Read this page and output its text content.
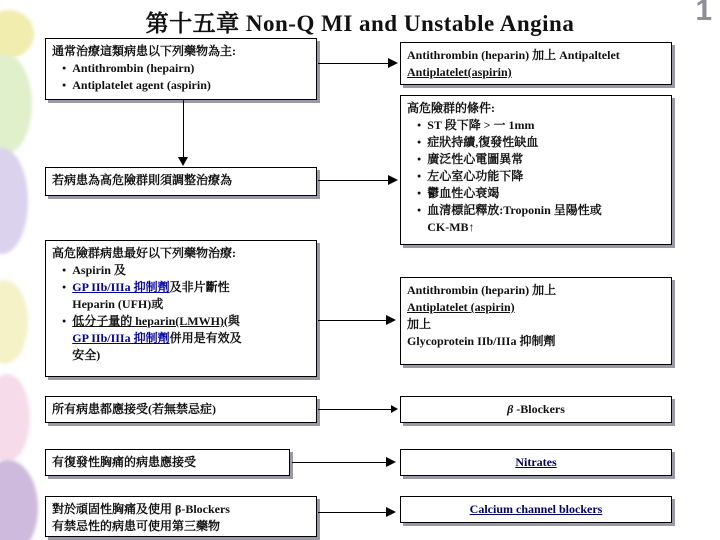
1
第十五章 Non-Q MI and Unstable Angina
通常治療這類病患以下列藥物為主:
● Antithrombin (hepairn)
● Antiplatelet agent (aspirin)
若病患為高危險群則須調整治療為
高危險群病患最好以下列藥物治療:
● Aspirin 及
● GP IIb/IIIa 抑制劑及非片斷性
Heparin (UFH)或
● 低分子量的 heparin(LMWH)(與
GP IIb/IIIa 抑制劑併用是有效及
安全)
所有病患都應接受(若無禁忌症)
有復發性胸痛的病患應接受
對於頑固性胸痛及使用 β-Blockers
有禁忌性的病患可使用第三藥物
Antithrombin (heparin) 加上 Antipaltelet
Antiplatelet(aspirin)
高危險群的條件:
● ST 段下降 > 一 1mm
● 症狀持續,復發性缺血
● 廣泛性心電圖異常
● 左心室心功能下降
● 鬱血性心衰竭
● 血清標記釋放:Troponin 呈陽性或
CK-MB↑
Antithrombin (heparin) 加上
Antiplatelet (aspirin)
加上
Glycoprotein IIb/IIIa 抑制劑
β -Blockers
Nitrates
Calcium channel blockers
